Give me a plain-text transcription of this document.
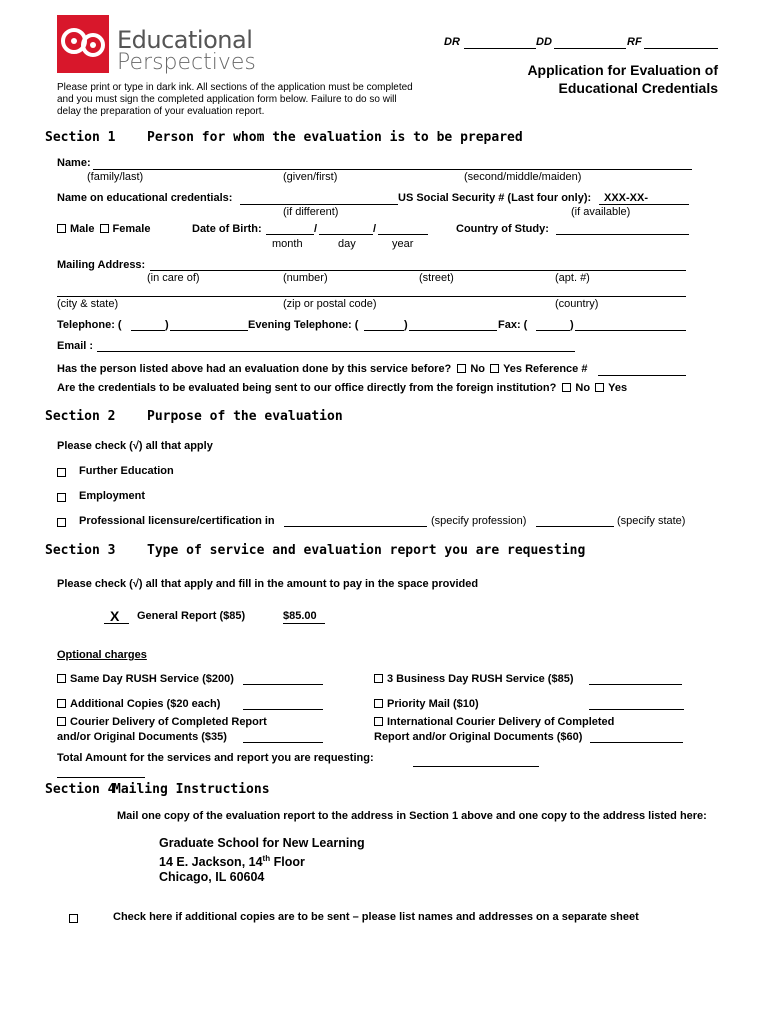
Educational
Perspectives
DR	DD	RF
Application for Evaluation of
Educational Credentials
Please print or type in dark ink. All sections of the application must be completed
and you must sign the completed application form below. Failure to do so will
delay the preparation of your evaluation report.
Section 1 Person for whom the evaluation is to be prepared
Name:
(family/last)	(given/first)	(second/middle/maiden)
Name on educational credentials:	US Social Security # (Last four only): XXX-XX-
(if different)	(if available)
Male Female	Date of Birth:	/	/	Country of Study:
month	day	year
Mailing Address:
(in care of)	(number)	(street)	(apt. #)
(city & state)	(zip or postal code)	(country)
Telephone: (	)	Evening Telephone: (	)	Fax: (	)
Email :
Has the person listed above had an evaluation done by this service before? No Yes Reference #
Are the credentials to be evaluated being sent to our office directly from the foreign institution? No Yes
Section 2 Purpose of the evaluation
Please check (√) all that apply
Further Education
Employment
Professional licensure/certification in	(specify profession)	(specify state)
Section 3 Type of service and evaluation report you are requesting
Please check (√) all that apply and fill in the amount to pay in the space provided
X General Report ($85)	$85.00
Optional charges
Same Day RUSH Service ($200)	3 Business Day RUSH Service ($85)
Additional Copies ($20 each)	Priority Mail ($10)
Courier Delivery of Completed Report
and/or Original Documents ($35)
International Courier Delivery of Completed
Report and/or Original Documents ($60)
Total Amount for the services and report you are requesting:
Section 4
Mailing Instructions
Mail one copy of the evaluation report to the address in Section 1 above and one copy to the address listed here:
Graduate School for New Learning
14 E. Jackson, 14th Floor
Chicago, IL 60604
Check here if additional copies are to be sent – please list names and addresses on a separate sheet
